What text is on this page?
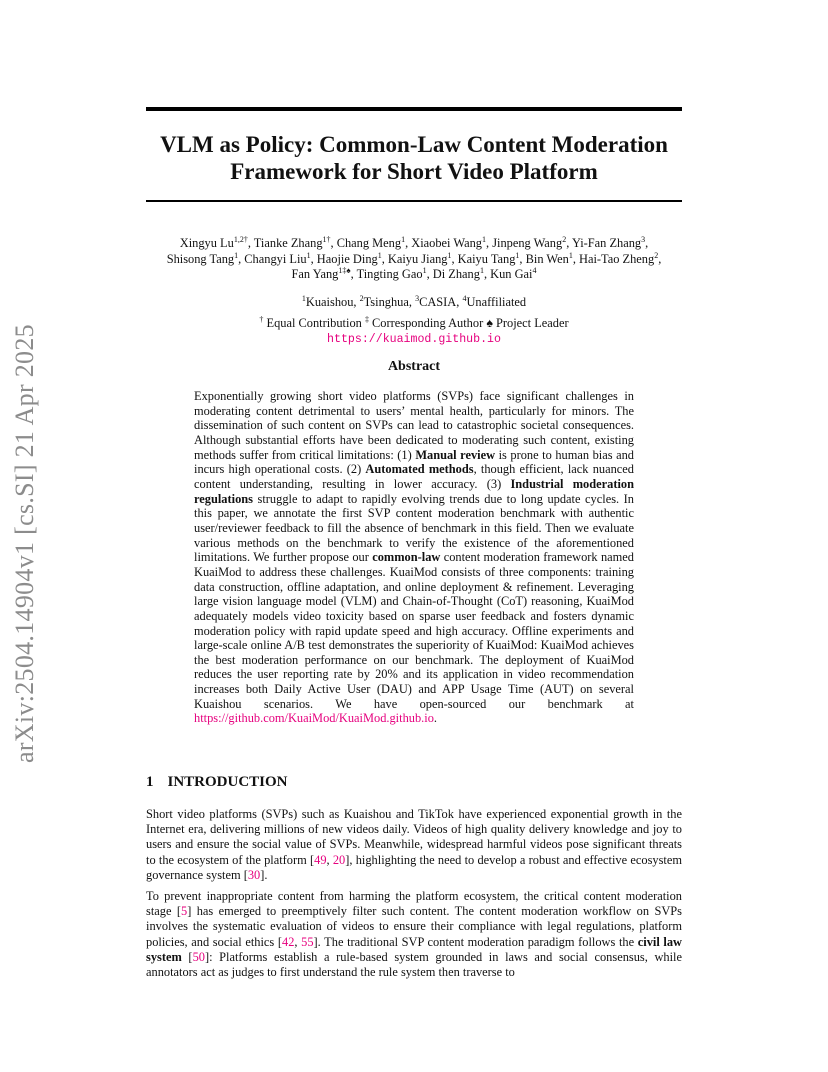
arXiv:2504.14904v1 [cs.SI] 21 Apr 2025
VLM as Policy: Common-Law Content Moderation
Framework for Short Video Platform
Xingyu $Lu^{1,2\dagger}$, Tianke Zhang$^{1\dagger}$, Chang Meng$^1$, Xiaobei Wang$^1$, Jinpeng Wang$^2$, Yi-Fan Zhang$^3$,
Shisong Tang$^1$, Changyi Liu$^1$, Haojie Ding$^1$, Kaiyu Jiang$^1$, Kaiyu Tang$^1$, Bin Wen$^1$, Hai-Tao Zheng$^2$,
Fan Yang$^{1\ddagger♠}$, Tingting Gao$^1$, Di Zhang$^1$, Kun Gai$^4$
$^1$Kuaishou, $^2$Tsinghua, $^3$CASIA, $^4$Unaffiliated
† Equal Contribution ‡ Corresponding Author ♠ Project Leader
https://kuaimod.github.io
Abstract
Exponentially growing short video platforms (SVPs) face significant challenges in moderating content detrimental to users’ mental health, particularly for minors. The dissemination of such content on SVPs can lead to catastrophic societal consequences. Although substantial efforts have been dedicated to moderating such content, existing methods suffer from critical limitations: (1) Manual review is prone to human bias and incurs high operational costs. (2) Automated methods, though efficient, lack nuanced content understanding, resulting in lower accuracy. (3) Industrial moderation regulations struggle to adapt to rapidly evolving trends due to long update cycles. In this paper, we annotate the first SVP content moderation benchmark with authentic user/reviewer feedback to fill the absence of benchmark in this field. Then we evaluate various methods on the benchmark to verify the existence of the aforementioned limitations. We further propose our common-law content moderation framework named KuaiMod to address these challenges. KuaiMod consists of three components: training data construction, offline adaptation, and online deployment & refinement. Leveraging large vision language model (VLM) and Chain-of-Thought (CoT) reasoning, KuaiMod adequately models video toxicity based on sparse user feedback and fosters dynamic moderation policy with rapid update speed and high accuracy. Offline experiments and large-scale online A/B test demonstrates the superiority of KuaiMod: KuaiMod achieves the best moderation performance on our benchmark. The deployment of KuaiMod reduces the user reporting rate by 20% and its application in video recommendation increases both Daily Active User (DAU) and APP Usage Time (AUT) on several Kuaishou scenarios. We have open-sourced our benchmark at https://github.com/KuaiMod/KuaiMod.github.io.
1 INTRODUCTION
Short video platforms (SVPs) such as Kuaishou and TikTok have experienced exponential growth in the Internet era, delivering millions of new videos daily. Videos of high quality delivery knowledge and joy to users and ensure the social value of SVPs. Meanwhile, widespread harmful videos pose significant threats to the ecosystem of the platform [49, 20], highlighting the need to develop a robust and effective ecosystem governance system [30].
To prevent inappropriate content from harming the platform ecosystem, the critical content moderation stage [5] has emerged to preemptively filter such content. The content moderation workflow on SVPs involves the systematic evaluation of videos to ensure their compliance with legal regulations, platform policies, and social ethics [42, 55]. The traditional SVP content moderation paradigm follows the civil law system [50]: Platforms establish a rule-based system grounded in laws and social consensus, while annotators act as judges to first understand the rule system then traverse to
